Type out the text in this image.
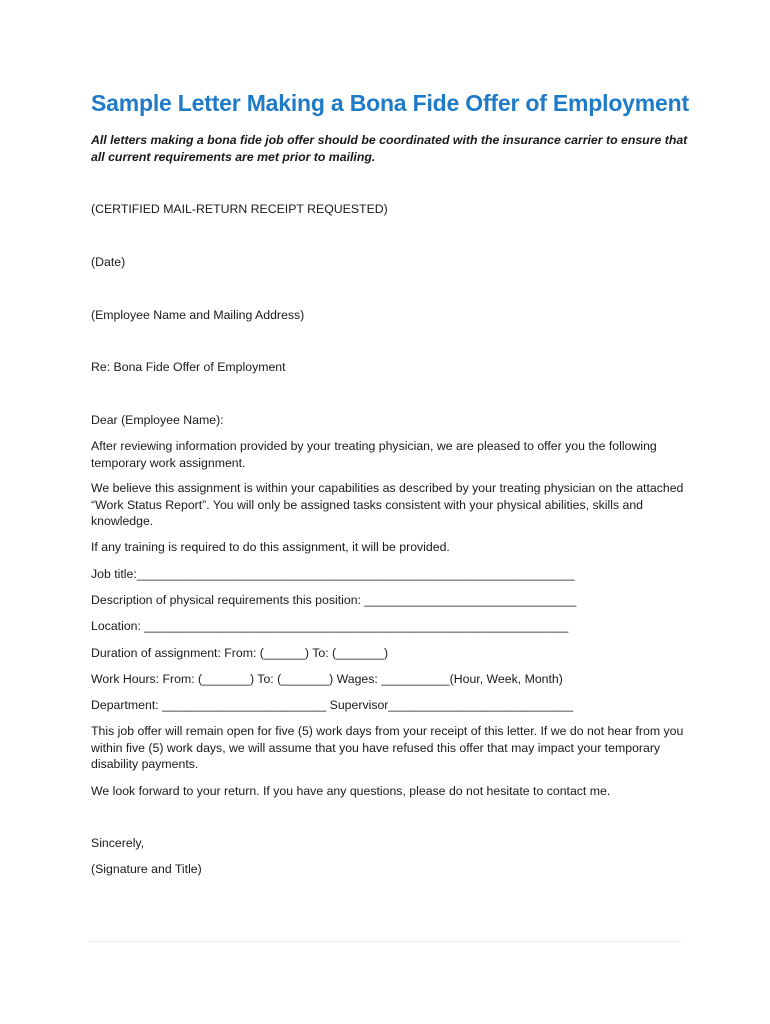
Sample Letter Making a Bona Fide Offer of Employment
All letters making a bona fide job offer should be coordinated with the insurance carrier to ensure that all current requirements are met prior to mailing.
(CERTIFIED MAIL-RETURN RECEIPT REQUESTED)
(Date)
(Employee Name and Mailing Address)
Re: Bona Fide Offer of Employment
Dear (Employee Name):
After reviewing information provided by your treating physician, we are pleased to offer you the following temporary work assignment.
We believe this assignment is within your capabilities as described by your treating physician on the attached “Work Status Report”. You will only be assigned tasks consistent with your physical abilities, skills and knowledge.
If any training is required to do this assignment, it will be provided.
Job title:________________________________________________________________
Description of physical requirements this position: _______________________________
Location: ______________________________________________________________
Duration of assignment: From: (______) To: (_______)
Work Hours: From: (_______) To: (_______) Wages: __________(Hour, Week, Month)
Department: ________________________ Supervisor___________________________
This job offer will remain open for five (5) work days from your receipt of this letter. If we do not hear from you within five (5) work days, we will assume that you have refused this offer that may impact your temporary disability payments.
We look forward to your return. If you have any questions, please do not hesitate to contact me.
Sincerely,
(Signature and Title)
